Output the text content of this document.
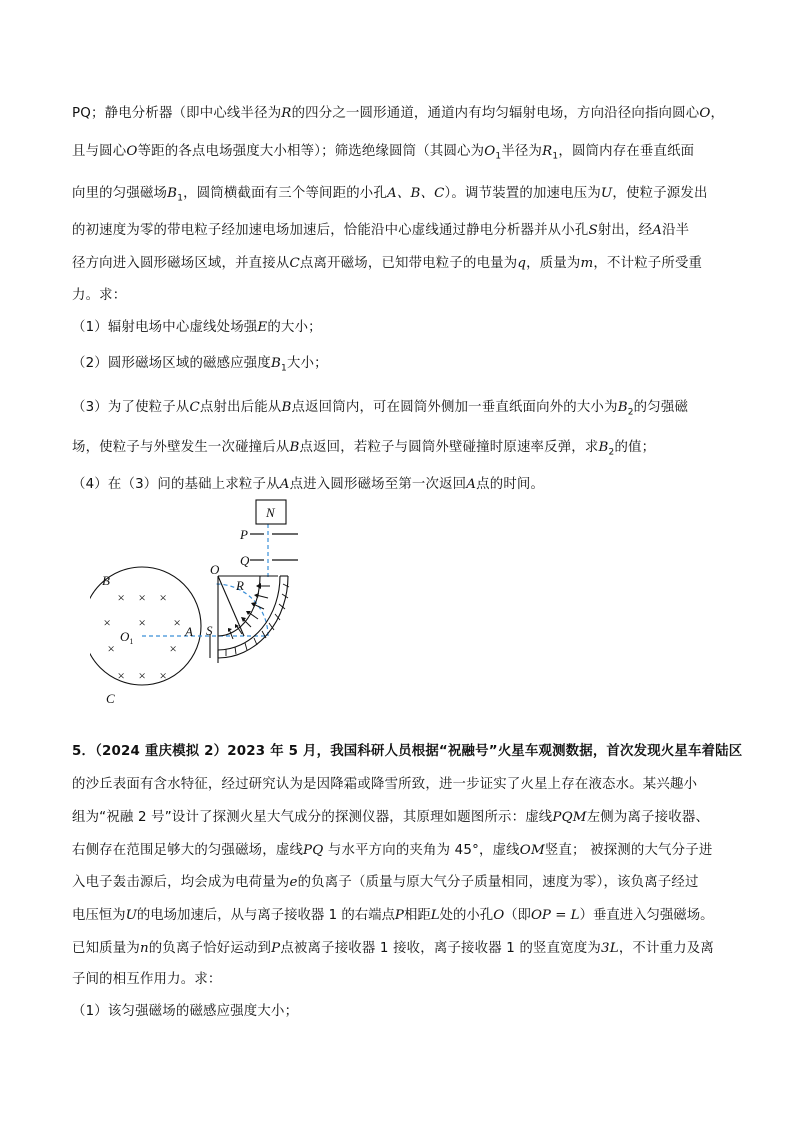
PQ；静电分析器（即中心线半径为R的四分之一圆形通道，通道内有均匀辐射电场，方向沿径向指向圆心O，
且与圆心O等距的各点电场强度大小相等）；筛选绝缘圆筒（其圆心为$O_1$半径为$R_1$，圆筒内存在垂直纸面
向里的匀强磁场$B_1$，圆筒横截面有三个等间距的小孔A、B、C）。调节装置的加速电压为U，使粒子源发出
的初速度为零的带电粒子经加速电场加速后，恰能沿中心虚线通过静电分析器并从小孔S射出，经A沿半
径方向进入圆形磁场区域，并直接从C点离开磁场，已知带电粒子的电量为q，质量为m，不计粒子所受重
力。求：
（1）辐射电场中心虚线处场强E的大小；
（2）圆形磁场区域的磁感应强度$B_1$大小；
（3）为了使粒子从C点射出后能从B点返回筒内，可在圆筒外侧加一垂直纸面向外的大小为$B_2$的匀强磁
场，使粒子与外壁发生一次碰撞后从B点返回，若粒子与圆筒外壁碰撞时原速率反弹，求$B_2$的值；
（4）在（3）问的基础上求粒子从A点进入圆形磁场至第一次返回A点的时间。
× × ×
× × ×
×	×
× × ×
N
P
Q
O
R
B
$O_1$
A S
C
5．（2024 重庆模拟 2）2023 年 5 月，我国科研人员根据“祝融号”火星车观测数据，首次发现火星车着陆区
的沙丘表面有含水特征，经过研究认为是因降霜或降雪所致，进一步证实了火星上存在液态水。某兴趣小
组为“祝融 2 号”设计了探测火星大气成分的探测仪器，其原理如题图所示：虚线PQM左侧为离子接收器、
右侧存在范围足够大的匀强磁场，虚线PQ 与水平方向的夹角为 45°，虚线OM竖直； 被探测的大气分子进
入电子轰击源后，均会成为电荷量为e的负离子（质量与原大气分子质量相同，速度为零），该负离子经过
电压恒为U的电场加速后，从与离子接收器 1 的右端点P相距L处的小孔O（即OP = L）垂直进入匀强磁场。
已知质量为n的负离子恰好运动到P点被离子接收器 1 接收，离子接收器 1 的竖直宽度为3L，不计重力及离
子间的相互作用力。求：
（1）该匀强磁场的磁感应强度大小；
